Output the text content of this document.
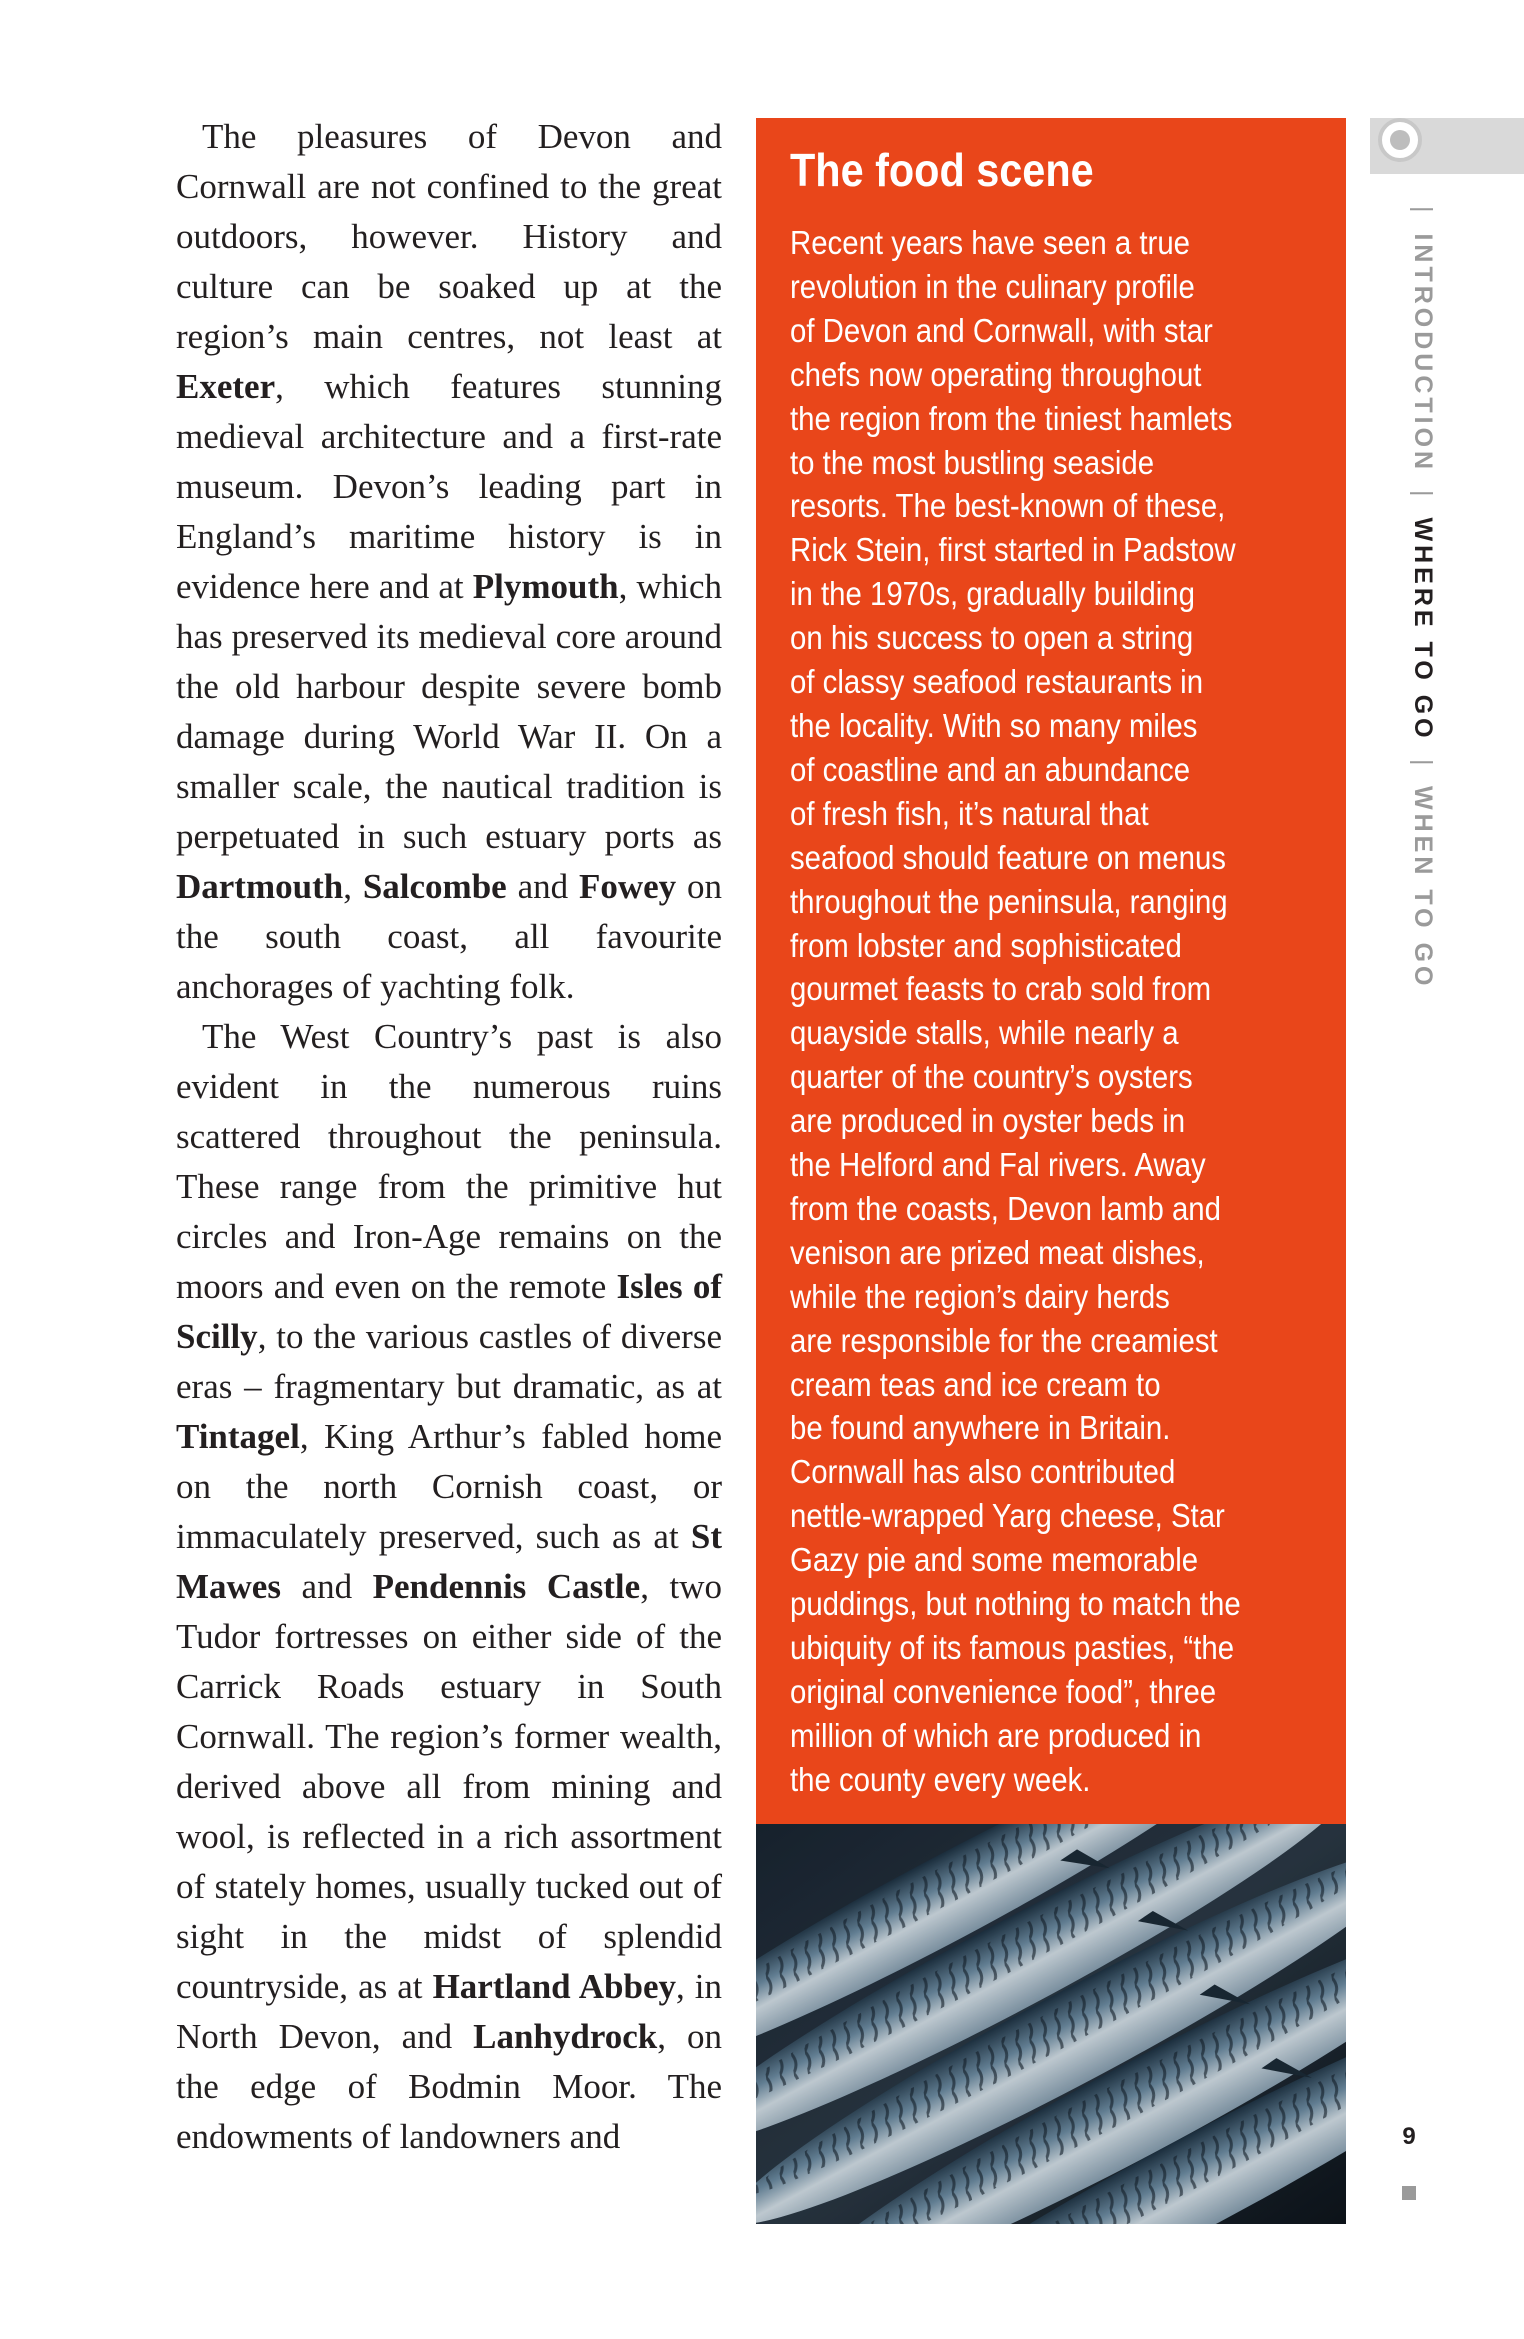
The pleasures of Devon and Cornwall are not confined to the great outdoors, however. History and culture can be soaked up at the region’s main centres, not least at Exeter, which features stunning medieval architecture and a first-rate museum. Devon’s leading part in England’s maritime history is in evidence here and at Plymouth, which has preserved its medieval core around the old harbour despite severe bomb damage during World War II. On a smaller scale, the nautical tradition is perpetuated in such estuary ports as Dartmouth, Salcombe and Fowey on the south coast, all favourite anchorages of yachting folk.

The West Country’s past is also evident in the numerous ruins scattered throughout the peninsula. These range from the primitive hut circles and Iron-Age remains on the moors and even on the remote Isles of Scilly, to the various castles of diverse eras – fragmentary but dramatic, as at Tintagel, King Arthur’s fabled home on the north Cornish coast, or immaculately preserved, such as at St Mawes and Pendennis Castle, two Tudor fortresses on either side of the Carrick Roads estuary in South Cornwall. The region’s former wealth, derived above all from mining and wool, is reflected in a rich assortment of stately homes, usually tucked out of sight in the midst of splendid countryside, as at Hartland Abbey, in North Devon, and Lanhydrock, on the edge of Bodmin Moor. The endowments of landowners and

The food scene
Recent years have seen a true
revolution in the culinary profile
of Devon and Cornwall, with star
chefs now operating throughout
the region from the tiniest hamlets
to the most bustling seaside
resorts. The best-known of these,
Rick Stein, first started in Padstow
in the 1970s, gradually building
on his success to open a string
of classy seafood restaurants in
the locality. With so many miles
of coastline and an abundance
of fresh fish, it’s natural that
seafood should feature on menus
throughout the peninsula, ranging
from lobster and sophisticated
gourmet feasts to crab sold from
quayside stalls, while nearly a
quarter of the country’s oysters
are produced in oyster beds in
the Helford and Fal rivers. Away
from the coasts, Devon lamb and
venison are prized meat dishes,
while the region’s dairy herds
are responsible for the creamiest
cream teas and ice cream to
be found anywhere in Britain.
Cornwall has also contributed
nettle-wrapped Yarg cheese, Star
Gazy pie and some memorable
puddings, but nothing to match the
ubiquity of its famous pasties, “the
original convenience food”, three
million of which are produced in
the county every week.
| INTRODUCTION | WHERE TO GO | WHEN TO GO
9
